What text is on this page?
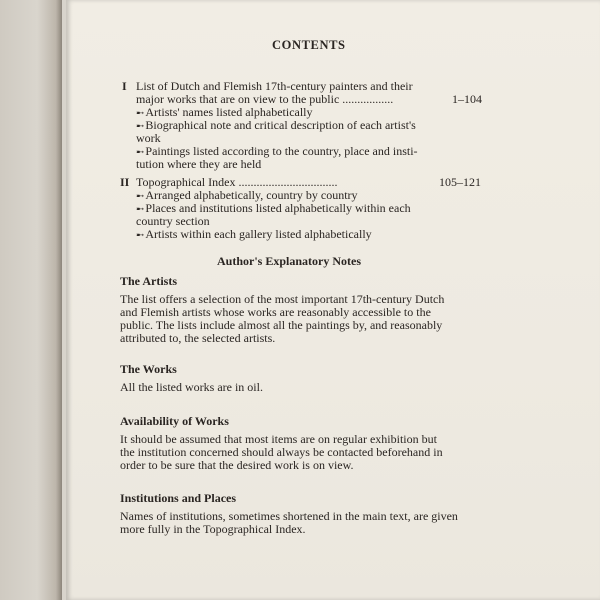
CONTENTS
I List of Dutch and Flemish 17th-century painters and their
major works that are on view to the public .................	1–104
➸ Artists' names listed alphabetically
➸ Biographical note and critical description of each artist's
work
➸ Paintings listed according to the country, place and insti-
tution where they are held
II Topographical Index .................................	105–121
➸ Arranged alphabetically, country by country
➸ Places and institutions listed alphabetically within each
country section
➸ Artists within each gallery listed alphabetically
Author's Explanatory Notes
The Artists
The list offers a selection of the most important 17th-century Dutch
and Flemish artists whose works are reasonably accessible to the
public. The lists include almost all the paintings by, and reasonably
attributed to, the selected artists.
The Works
All the listed works are in oil.
Availability of Works
It should be assumed that most items are on regular exhibition but
the institution concerned should always be contacted beforehand in
order to be sure that the desired work is on view.
Institutions and Places
Names of institutions, sometimes shortened in the main text, are given
more fully in the Topographical Index.
